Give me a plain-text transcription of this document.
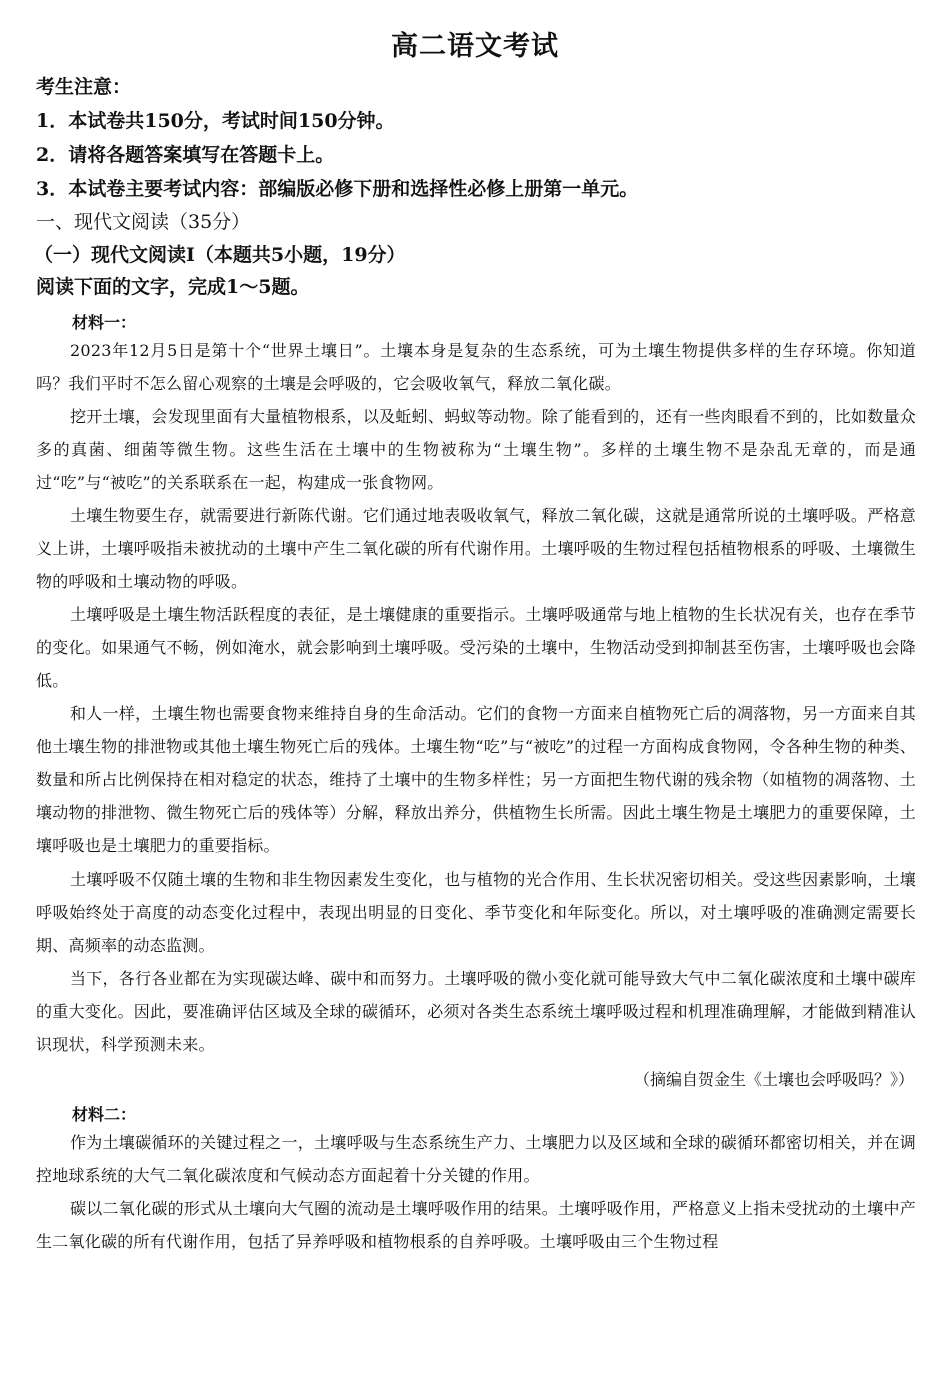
高二语文考试
考生注意：
1．本试卷共150分，考试时间150分钟。
2．请将各题答案填写在答题卡上。
3．本试卷主要考试内容：部编版必修下册和选择性必修上册第一单元。
一、现代文阅读（35分）
（一）现代文阅读I（本题共5小题，19分）
阅读下面的文字，完成1～5题。
材料一：
2023年12月5日是第十个“世界土壤日”。土壤本身是复杂的生态系统，可为土壤生物提供多样的生存环境。你知道吗？我们平时不怎么留心观察的土壤是会呼吸的，它会吸收氧气，释放二氧化碳。
挖开土壤，会发现里面有大量植物根系，以及蚯蚓、蚂蚁等动物。除了能看到的，还有一些肉眼看不到的，比如数量众多的真菌、细菌等微生物。这些生活在土壤中的生物被称为“土壤生物”。多样的土壤生物不是杂乱无章的，而是通过“吃”与“被吃”的关系联系在一起，构建成一张食物网。
土壤生物要生存，就需要进行新陈代谢。它们通过地表吸收氧气，释放二氧化碳，这就是通常所说的土壤呼吸。严格意义上讲，土壤呼吸指未被扰动的土壤中产生二氧化碳的所有代谢作用。土壤呼吸的生物过程包括植物根系的呼吸、土壤微生物的呼吸和土壤动物的呼吸。
土壤呼吸是土壤生物活跃程度的表征，是土壤健康的重要指示。土壤呼吸通常与地上植物的生长状况有关，也存在季节的变化。如果通气不畅，例如淹水，就会影响到土壤呼吸。受污染的土壤中，生物活动受到抑制甚至伤害，土壤呼吸也会降低。
和人一样，土壤生物也需要食物来维持自身的生命活动。它们的食物一方面来自植物死亡后的凋落物，另一方面来自其他土壤生物的排泄物或其他土壤生物死亡后的残体。土壤生物“吃”与“被吃”的过程一方面构成食物网，令各种生物的种类、数量和所占比例保持在相对稳定的状态，维持了土壤中的生物多样性；另一方面把生物代谢的残余物（如植物的凋落物、土壤动物的排泄物、微生物死亡后的残体等）分解，释放出养分，供植物生长所需。因此土壤生物是土壤肥力的重要保障，土壤呼吸也是土壤肥力的重要指标。
土壤呼吸不仅随土壤的生物和非生物因素发生变化，也与植物的光合作用、生长状况密切相关。受这些因素影响，土壤呼吸始终处于高度的动态变化过程中，表现出明显的日变化、季节变化和年际变化。所以，对土壤呼吸的准确测定需要长期、高频率的动态监测。
当下，各行各业都在为实现碳达峰、碳中和而努力。土壤呼吸的微小变化就可能导致大气中二氧化碳浓度和土壤中碳库的重大变化。因此，要准确评估区域及全球的碳循环，必须对各类生态系统土壤呼吸过程和机理准确理解，才能做到精准认识现状，科学预测未来。
（摘编自贺金生《土壤也会呼吸吗？》）
材料二：
作为土壤碳循环的关键过程之一，土壤呼吸与生态系统生产力、土壤肥力以及区域和全球的碳循环都密切相关，并在调控地球系统的大气二氧化碳浓度和气候动态方面起着十分关键的作用。
碳以二氧化碳的形式从土壤向大气圈的流动是土壤呼吸作用的结果。土壤呼吸作用，严格意义上指未受扰动的土壤中产生二氧化碳的所有代谢作用，包括了异养呼吸和植物根系的自养呼吸。土壤呼吸由三个生物过程
